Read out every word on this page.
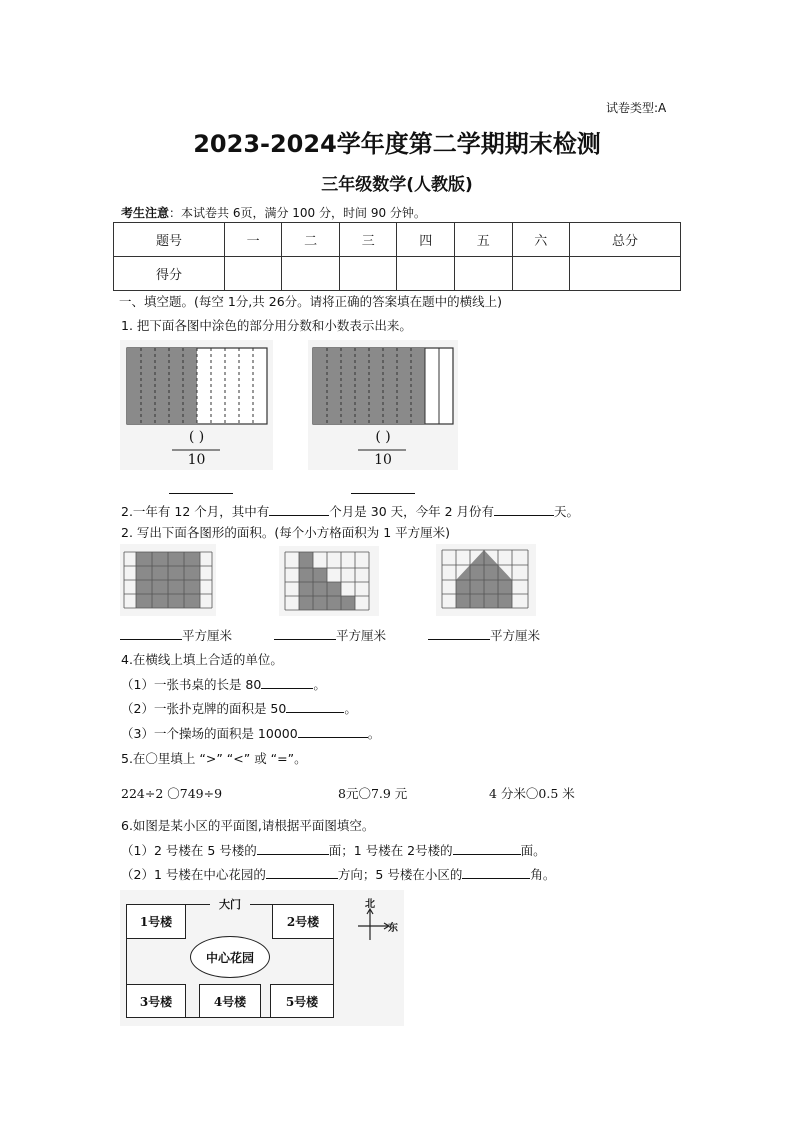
试卷类型:A
2023-2024学年度第二学期期末检测
三年级数学(人教版)
考生注意：本试卷共 6页，满分 100 分，时间 90 分钟。
题号	一	二	三	四	五	六	总分
得分							
一、填空题。(每空 1分,共 26分。请将正确的答案填在题中的横线上)
1. 把下面各图中涂色的部分用分数和小数表示出来。
( )
10
( )
10
2.一年有 12 个月，其中有	个月是 30 天，今年 2 月份有	天。
2. 写出下面各图形的面积。(每个小方格面积为 1 平方厘米)
平方厘米	平方厘米	平方厘米
4.在横线上填上合适的单位。
（1）一张书桌的长是 80	。
（2）一张扑克牌的面积是 50	。
（3）一个操场的面积是 10000	。
5.在〇里填上 “>” “<” 或 “=”。
224÷2 〇749÷9	8元〇7.9 元	4 分米〇0.5 米
6.如图是某小区的平面图,请根据平面图填空。
（1）2 号楼在 5 号楼的	面；1 号楼在 2号楼的	面。
（2）1 号楼在中心花园的	方向；5 号楼在小区的	角。
大门
1号楼	2号楼
中心花园
3号楼	4号楼	5号楼
北
东
